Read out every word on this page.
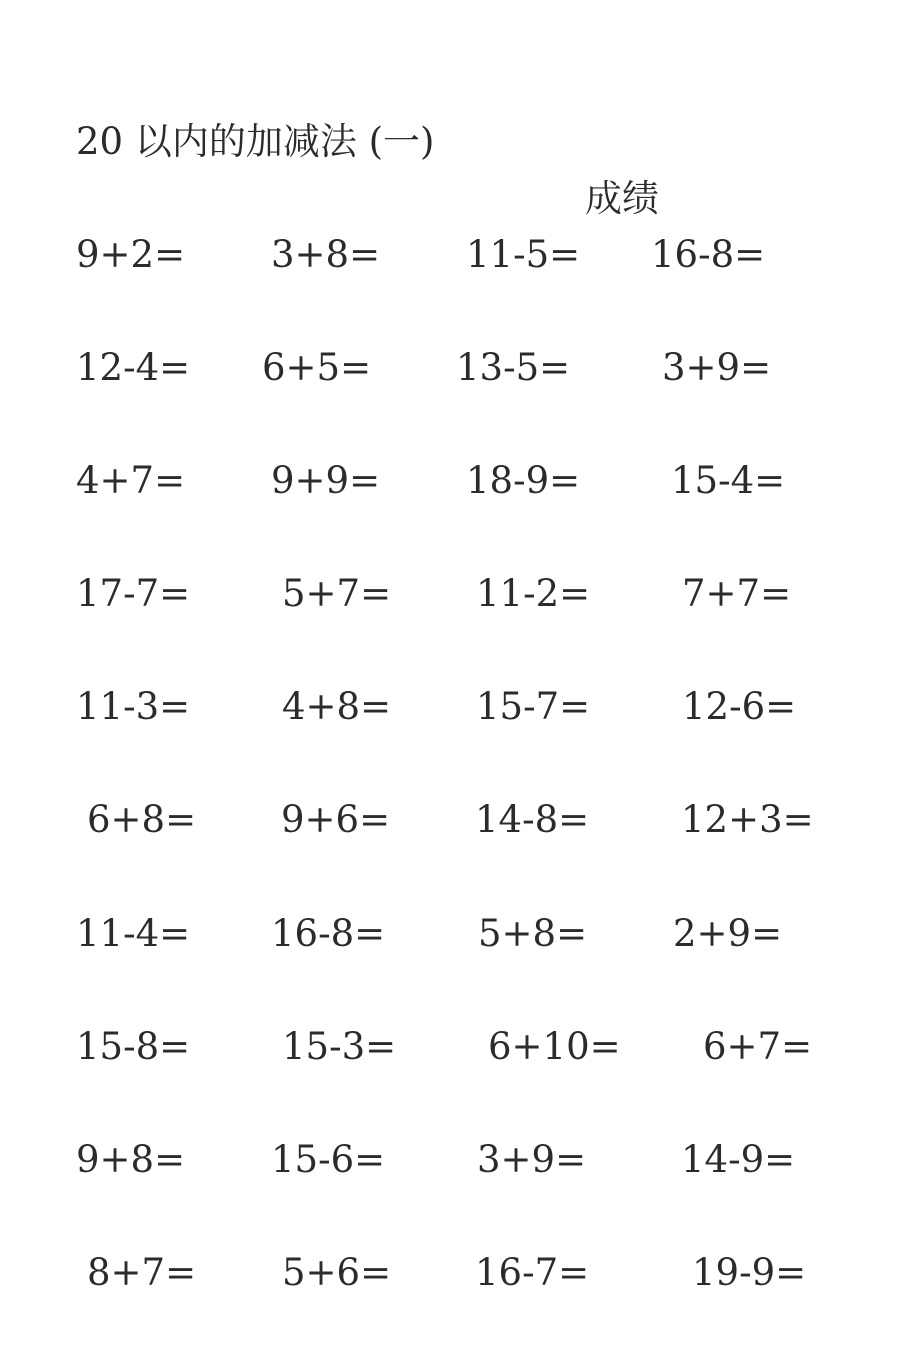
20 以内的加减法 (一)
成绩
9+2= 3+8= 11-5= 16-8=
12-4= 6+5= 13-5= 3+9=
4+7= 9+9= 18-9= 15-4=
17-7= 5+7= 11-2= 7+7=
11-3= 4+8= 15-7= 12-6=
6+8= 9+6= 14-8= 12+3=
11-4= 16-8=	5+8= 2+9=
15-8= 15-3= 6+10= 6+7=
9+8= 15-6= 3+9=	14-9=
8+7= 5+6= 16-7=	19-9=
